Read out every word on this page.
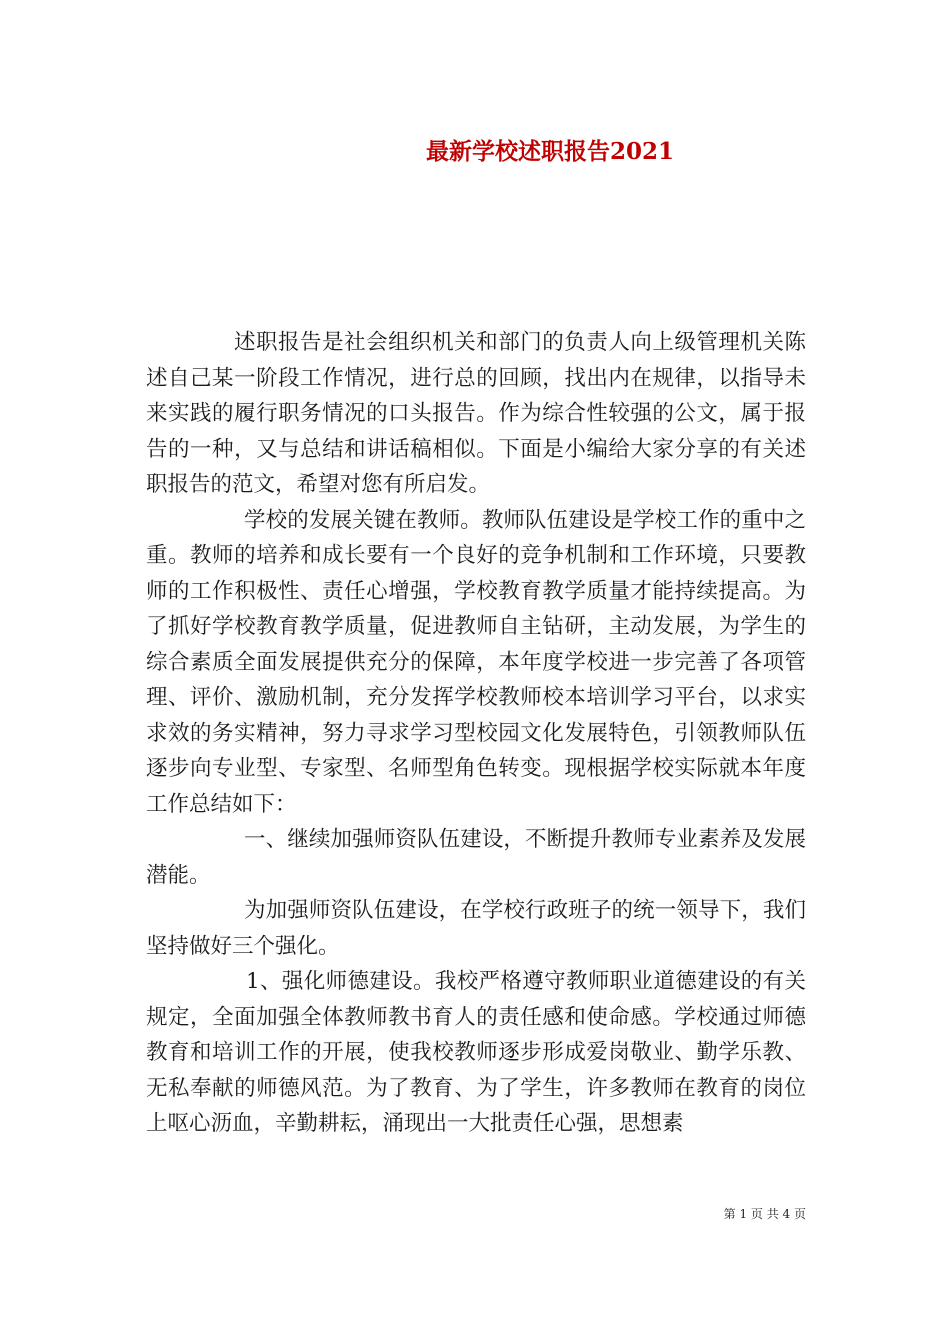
最新学校述职报告2021

述职报告是社会组织机关和部门的负责人向上级管理机关陈述自己某一阶段工作情况，进行总的回顾，找出内在规律，以指导未来实践的履行职务情况的口头报告。作为综合性较强的公文，属于报告的一种，又与总结和讲话稿相似。下面是小编给大家分享的有关述职报告的范文，希望对您有所启发。

学校的发展关键在教师。教师队伍建设是学校工作的重中之重。教师的培养和成长要有一个良好的竞争机制和工作环境，只要教师的工作积极性、责任心增强，学校教育教学质量才能持续提高。为了抓好学校教育教学质量，促进教师自主钻研，主动发展，为学生的综合素质全面发展提供充分的保障，本年度学校进一步完善了各项管理、评价、激励机制，充分发挥学校教师校本培训学习平台，以求实求效的务实精神，努力寻求学习型校园文化发展特色，引领教师队伍逐步向专业型、专家型、名师型角色转变。现根据学校实际就本年度工作总结如下：

一、继续加强师资队伍建设，不断提升教师专业素养及发展潜能。

为加强师资队伍建设，在学校行政班子的统一领导下，我们坚持做好三个强化。

1、强化师德建设。我校严格遵守教师职业道德建设的有关规定，全面加强全体教师教书育人的责任感和使命感。学校通过师德教育和培训工作的开展，使我校教师逐步形成爱岗敬业、勤学乐教、无私奉献的师德风范。为了教育、为了学生，许多教师在教育的岗位上呕心沥血，辛勤耕耘，涌现出一大批责任心强，思想素

第 1 页 共 4 页
